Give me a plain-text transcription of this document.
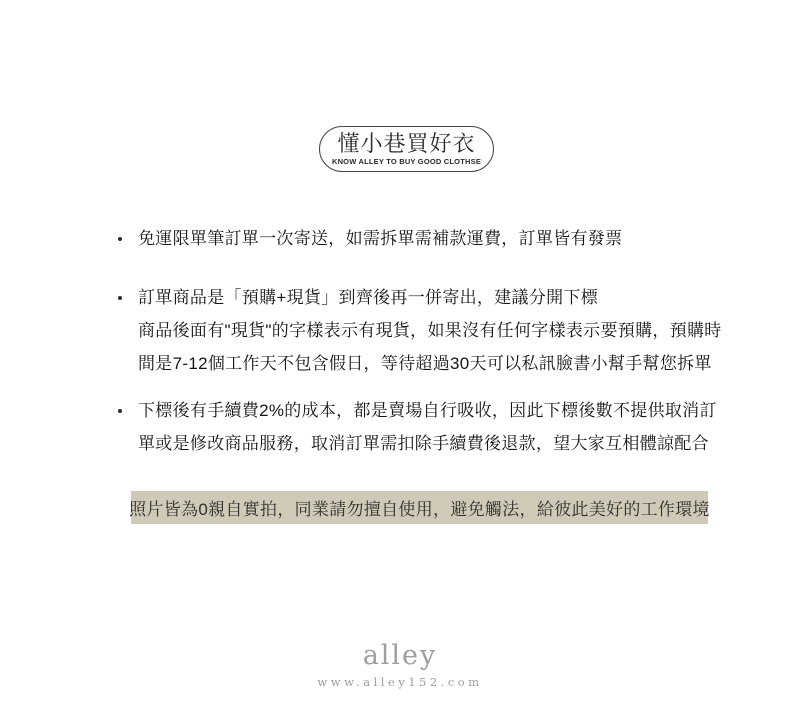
懂小巷買好衣
KNOW ALLEY TO BUY GOOD CLOTHSE
免運限單筆訂單一次寄送，如需拆單需補款運費，訂單皆有發票
訂單商品是「預購+現貨」到齊後再一併寄出，建議分開下標
商品後面有"現貨"的字樣表示有現貨，如果沒有任何字樣表示要預購，預購時
間是7-12個工作天不包含假日，等待超過30天可以私訊臉書小幫手幫您拆單
下標後有手續費2%的成本，都是賣場自行吸收，因此下標後數不提供取消訂
單或是修改商品服務，取消訂單需扣除手續費後退款，望大家互相體諒配合
照片皆為0親自實拍，同業請勿擅自使用，避免觸法，給彼此美好的工作環境
alley
www.alley152.com
